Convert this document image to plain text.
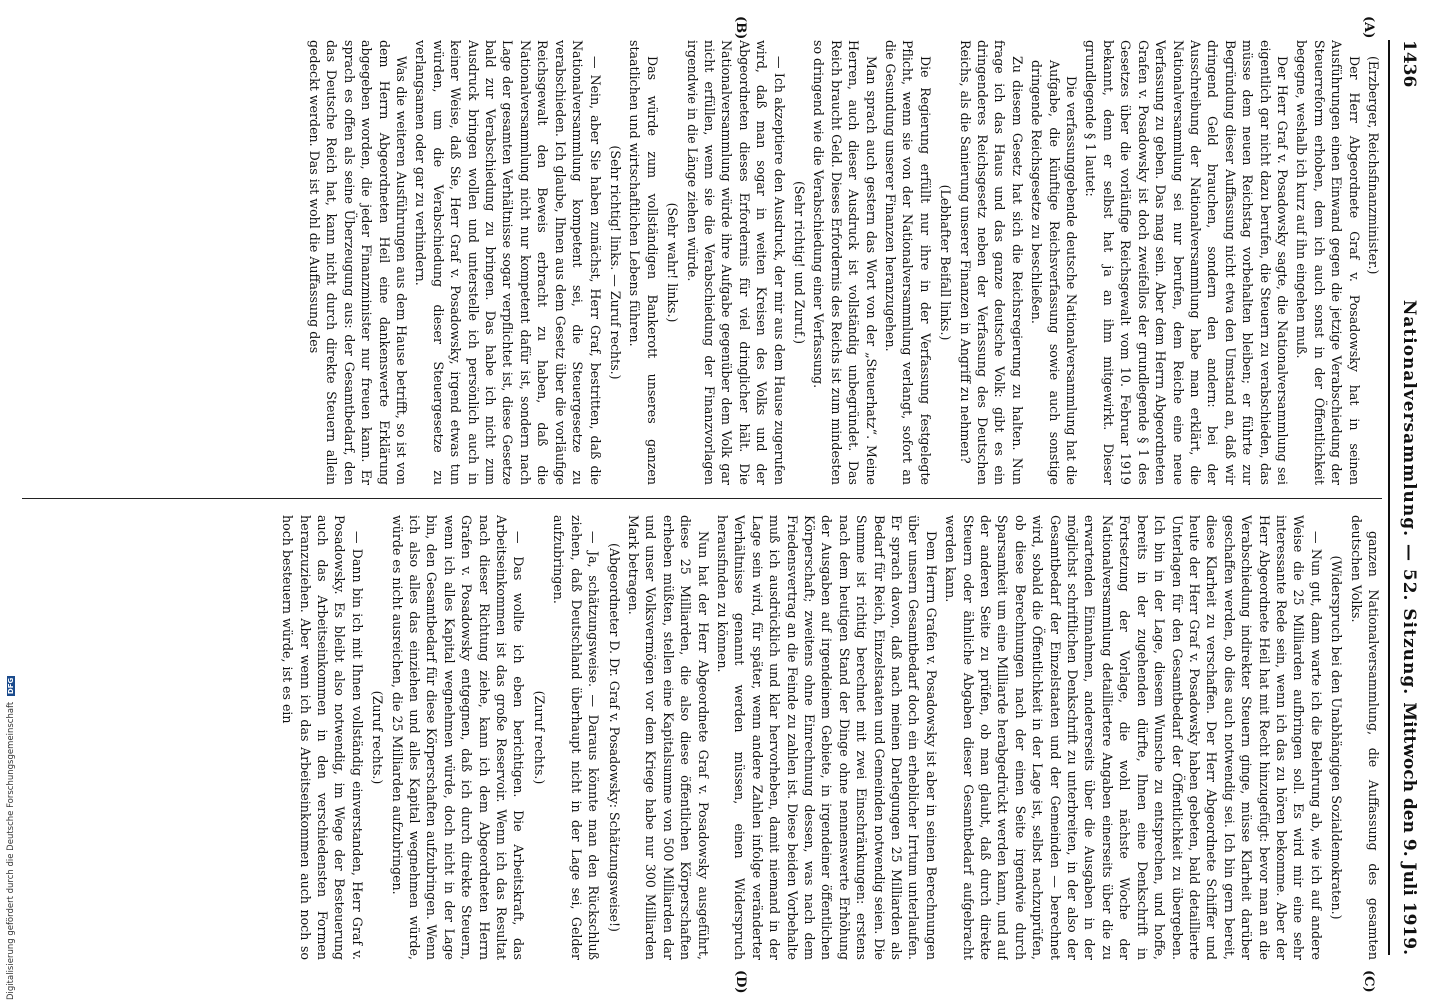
1436
Nationalversammlung. — 52. Sitzung.
Mittwoch den 9. Juli 1919.
(A)
(B)
(C)
(D)

(Erzberger, Reichsfinanzminister.)

Der Herr Abgeordnete Graf v. Posadowsky hat in seinen Ausführungen einen Einwand gegen die jetzige Verabschiedung der Steuerreform erhoben, dem ich auch sonst in der Öffentlichkeit begegne, weshalb ich kurz auf ihn eingehen muß.

Der Herr Graf v. Posadowsky sagte, die Nationalversammlung sei eigentlich gar nicht dazu berufen, die Steuern zu verabschieden, das müsse dem neuen Reichstag vorbehalten bleiben; er führte zur Begründung dieser Auffassung nicht etwa den Umstand an, daß wir dringend Geld brauchen, sondern den andern: bei der Ausschreibung der Nationalversammlung habe man erklärt, die Nationalversammlung sei nur berufen, dem Reiche eine neue Verfassung zu geben. Das mag sein. Aber dem Herrn Abgeordneten Grafen v. Posadowsky ist doch zweifellos der grundlegende § 1 des Gesetzes über die vorläufige Reichsgewalt vom 10. Februar 1919 bekannt, denn er selbst hat ja an ihm mitgewirkt. Dieser grundlegende § 1 lautet:

Die verfassunggebende deutsche Nationalversammlung hat die Aufgabe, die künftige Reichsverfassung sowie auch sonstige dringende Reichsgesetze zu beschließen.

Zu diesem Gesetz hat sich die Reichsregierung zu halten. Nun frage ich das Haus und das ganze deutsche Volk: gibt es ein dringenderes Reichsgesetz neben der Verfassung des Deutschen Reichs, als die Sanierung unserer Finanzen in Angriff zu nehmen?

(Lebhafter Beifall links.)

Die Regierung erfüllt nur ihre in der Verfassung festgelegte Pflicht, wenn sie von der Nationalversammlung verlangt, sofort an die Gesundung unserer Finanzen heranzugehen.

Man sprach auch gestern das Wort von der „Steuerhatz“. Meine Herren, auch dieser Ausdruck ist vollständig unbegründet. Das Reich braucht Geld. Dieses Erfordernis des Reichs ist zum mindesten so dringend wie die Verabschiedung einer Verfassung.

(Sehr richtig! und Zuruf.)

— Ich akzeptiere den Ausdruck, der mir aus dem Hause zugerufen wird, daß man sogar in weiten Kreisen des Volks und der Abgeordneten dieses Erfordernis für viel dringlicher hält. Die Nationalversammlung würde ihre Aufgabe gegenüber dem Volk gar nicht erfüllen, wenn sie die Verabschiedung der Finanzvorlagen irgendwie in die Länge ziehen würde.

(Sehr wahr! links.)

Das würde zum vollständigen Bankerott unseres ganzen staatlichen und wirtschaftlichen Lebens führen.

(Sehr richtig! links. — Zuruf rechts.)

— Nein, aber Sie haben zunächst, Herr Graf, bestritten, daß die Nationalversammlung kompetent sei, die Steuergesetze zu verabschieden. Ich glaube, Ihnen aus dem Gesetz über die vorläufige Reichsgewalt den Beweis erbracht zu haben, daß die Nationalversammlung nicht nur kompetent dafür ist, sondern nach Lage der gesamten Verhältnisse sogar verpflichtet ist, diese Gesetze bald zur Verabschiedung zu bringen. Das habe ich nicht zum Ausdruck bringen wollen und unterstelle ich persönlich auch in keiner Weise, daß Sie, Herr Graf v. Posadowsky, irgend etwas tun würden, um die Verabschiedung dieser Steuergesetze zu verlangsamen oder gar zu verhindern.

Was die weiteren Ausführungen aus dem Hause betrifft, so ist von dem Herrn Abgeordneten Heil eine dankenswerte Erklärung abgegeben worden, die jeder Finanzminister nur freuen kann. Er sprach es offen als seine Überzeugung aus: der Gesamtbedarf, den das Deutsche Reich hat, kann nicht durch direkte Steuern allein gedeckt werden. Das ist wohl die Auffassung des

ganzen Nationalversammlung, die Auffassung des gesamten deutschen Volks.

(Widerspruch bei den Unabhängigen Sozialdemokraten.)

— Nun gut, dann warte ich die Belehrung ab, wie ich auf andere Weise die 25 Milliarden aufbringen soll. Es wird mir eine sehr interessante Rede sein, wenn ich das zu hören bekomme. Aber der Herr Abgeordnete Heil hat mit Recht hinzugefügt: bevor man an die Verabschiedung indirekter Steuern ginge, müsse Klarheit darüber geschaffen werden, ob dies auch notwendig sei. Ich bin gern bereit, diese Klarheit zu verschaffen. Der Herr Abgeordnete Schiffer und heute der Herr Graf v. Posadowsky haben gebeten, bald detaillierte Unterlagen für den Gesamtbedarf der Öffentlichkeit zu übergeben. Ich bin in der Lage, diesem Wunsche zu entsprechen, und hoffe, bereits in der zugehenden dürfte, Ihnen eine Denkschrift in Fortsetzung der Vorlage, die wohl nächste Woche der Nationalversammlung detailliertere Angaben einerseits über die zu erwartenden Einnahmen, andererseits über die Ausgaben in der möglichst schriftlichen Denkschrift zu unterbreiten, in der also der Gesamtbedarf der Einzelstaaten und der Gemeinden — berechnet wird, sobald die Öffentlichkeit in der Lage ist, selbst nachzuprüfen, ob diese Berechnungen nach der einen Seite irgendwie durch Sparsamkeit um eine Milliarde herabgedrückt werden kann, und auf der anderen Seite zu prüfen, ob man glaubt, daß durch direkte Steuern oder ähnliche Abgaben dieser Gesamtbedarf aufgebracht werden kann.

Dem Herrn Grafen v. Posadowsky ist aber in seinen Berechnungen über unsern Gesamtbedarf doch ein erheblicher Irrtum unterlaufen. Er sprach davon, daß nach meinen Darlegungen 25 Milliarden als Bedarf für Reich, Einzelstaaten und Gemeinden notwendig seien. Die Summe ist richtig berechnet mit zwei Einschränkungen: erstens nach dem heutigen Stand der Dinge ohne nennenswerte Erhöhung der Ausgaben auf irgendeinem Gebiete, in irgendeiner öffentlichen Körperschaft; zweitens ohne Einrechnung dessen, was nach dem Friedensvertrag an die Feinde zu zahlen ist. Diese beiden Vorbehalte muß ich ausdrücklich und klar hervorheben, damit niemand in der Lage sein wird, für später, wenn andere Zahlen infolge veränderter Verhältnisse genannt werden müssen, einen Widerspruch herausfinden zu können.

Nun hat der Herr Abgeordnete Graf v. Posadowsky ausgeführt, diese 25 Milliarden, die also diese öffentlichen Körperschaften erheben müßten, stellen eine Kapitalsumme von 500 Milliarden dar und unser Volksvermögen vor dem Kriege habe nur 300 Milliarden Mark betragen.

(Abgeordneter D. Dr. Graf v. Posadowsky: Schätzungsweise!)

— Ja, schätzungsweise. — Daraus könnte man den Rückschluß ziehen, daß Deutschland überhaupt nicht in der Lage sei, Gelder aufzubringen.

(Zuruf rechts.)

— Das wollte ich eben berichtigen. Die Arbeitskraft, das Arbeitseinkommen ist das große Reservoir. Wenn ich das Resultat nach dieser Richtung ziehe, kann ich dem Abgeordneten Herrn Grafen v. Posadowsky entgegnen, daß ich durch direkte Steuern, wenn ich alles Kapital wegnehmen würde, doch nicht in der Lage bin, den Gesamtbedarf für diese Körperschaften aufzubringen. Wenn ich also alles das einziehen und alles Kapital wegnehmen würde, würde es nicht ausreichen, die 25 Milliarden aufzubringen.

(Zuruf rechts.)

— Dann bin ich mit Ihnen vollständig einverstanden, Herr Graf v. Posadowsky. Es bleibt also notwendig, im Wege der Besteuerung auch das Arbeitseinkommen in den verschiedensten Formen heranzuziehen. Aber wenn ich das Arbeitseinkommen auch noch so hoch besteuern würde, ist es ein

Digitalisierung gefördert durch die Deutsche Forschungsgemeinschaft DFG
